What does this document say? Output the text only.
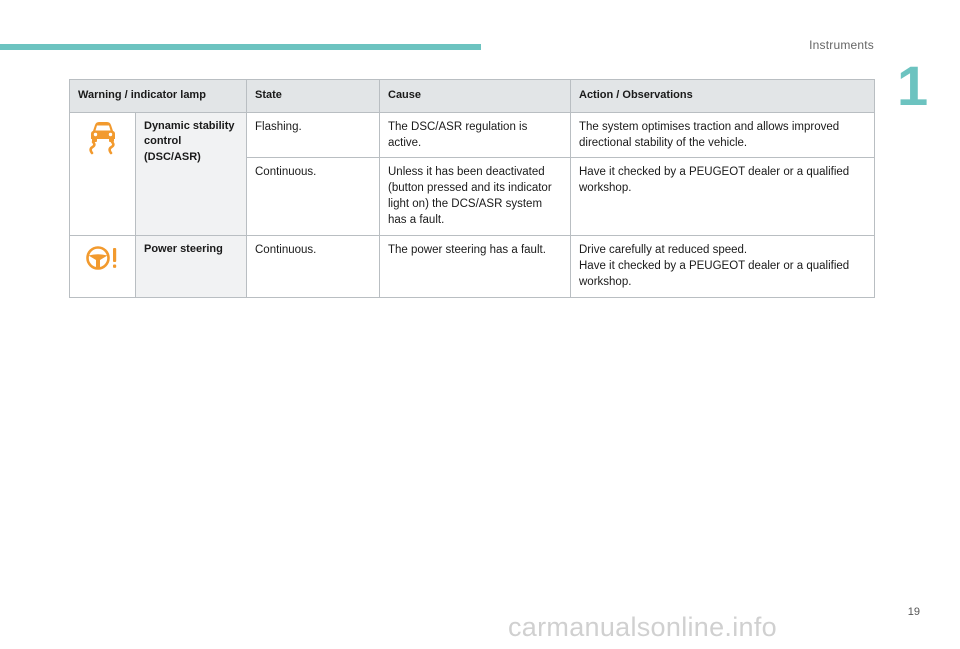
Instruments
1
Warning / indicator lamp		State	Cause	Action / Observations
	Dynamic stability control (DSC/ASR)	Flashing.	The DSC/ASR regulation is active.	The system optimises traction and allows improved directional stability of the vehicle.

		Continuous.	Unless it has been deactivated (button pressed and its indicator light on) the DCS/ASR system has a fault.	Have it checked by a PEUGEOT dealer or a qualified workshop.

	Power steering	Continuous.	The power steering has a fault.	Drive carefully at reduced speed.
Have it checked by a PEUGEOT dealer or a qualified workshop.
19
carmanualsonline.info
